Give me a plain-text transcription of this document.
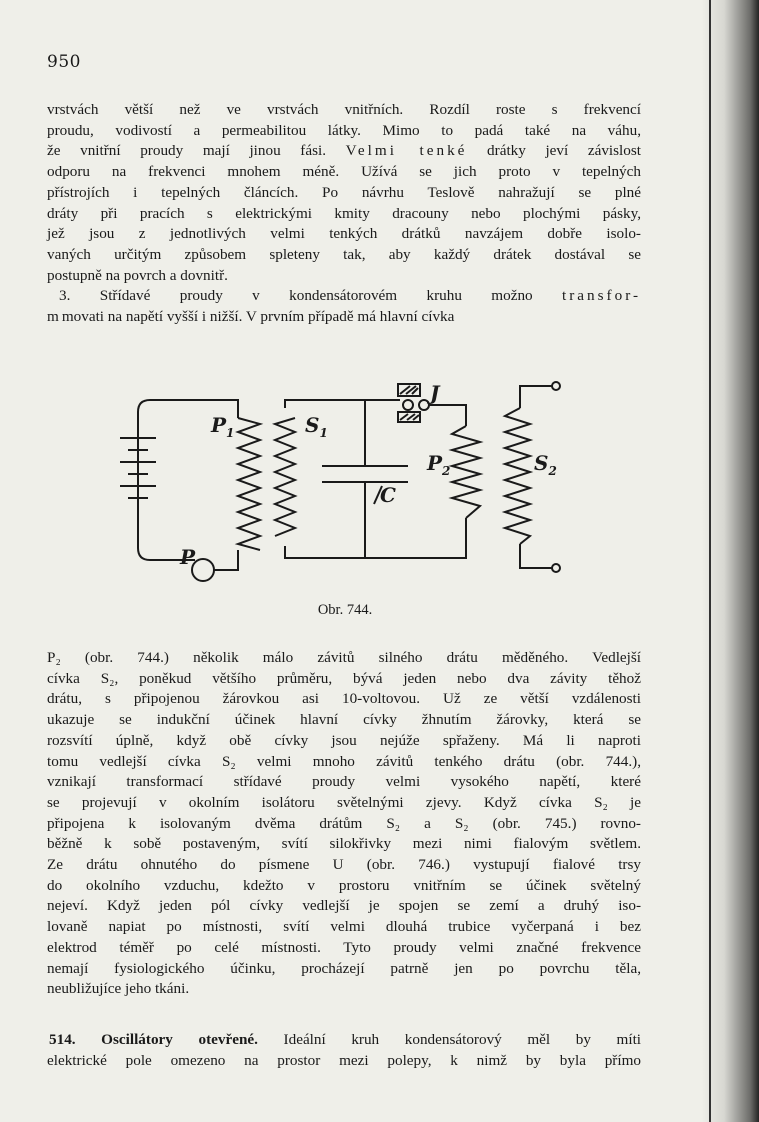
950
vrstvách větší než ve vrstvách vnitřních. Rozdíl roste s frekvencí
proudu, vodivostí a permeabilitou látky. Mimo to padá také na váhu,
že vnitřní proudy mají jinou fási. Velmi tenké drátky jeví závislost
odporu na frekvenci mnohem méně. Užívá se jich proto v tepelných
přístrojích i tepelných článcích. Po návrhu Teslově nahražují se plné
dráty při pracích s elektrickými kmity dracouny nebo plochými pásky,
jež jsou z jednotlivých velmi tenkých drátků navzájem dobře isolo-
vaných určitým způsobem spleteny tak, aby každý drátek dostával se
postupně na povrch a dovnitř.
3. Střídavé proudy v kondensátorovém kruhu možno transfor-
mmovati na napětí vyšší i nižší. V prvním případě má hlavní cívka
$P_1$	$S_1$
$P_2$	$S_2$
C
J
P
Obr. 744.
P₂ (obr. 744.) několik málo závitů silného drátu měděného. Vedlejší
cívka S₂, poněkud většího průměru, bývá jeden nebo dva závity těhož
drátu, s připojenou žárovkou asi 10-voltovou. Už ze větší vzdálenosti
ukazuje se indukční účinek hlavní cívky žhnutím žárovky, která se
rozsvítí úplně, když obě cívky jsou nejúže spřaženy. Má li naproti
tomu vedlejší cívka S₂ velmi mnoho závitů tenkého drátu (obr. 744.),
vznikají transformací střídavé proudy velmi vysokého napětí, které
se projevují v okolním isolátoru světelnými zjevy. Když cívka S₂ je
připojena k isolovaným dvěma drátům S₂ a S₂ (obr. 745.) rovno-
běžně k sobě postaveným, svítí silokřivky mezi nimi fialovým světlem.
Ze drátu ohnutého do písmene U (obr. 746.) vystupují fialové trsy
do okolního vzduchu, kdežto v prostoru vnitřním se účinek světelný
nejeví. Když jeden pól cívky vedlejší je spojen se zemí a druhý iso-
lovaně napiat po místnosti, svítí velmi dlouhá trubice vyčerpaná i bez
elektrod téměř po celé místnosti. Tyto proudy velmi značné frekvence
nemají fysiologického účinku, procházejí patrně jen po povrchu těla,
neubližujíce jeho tkáni.
514. Oscillátory otevřené. Ideální kruh kondensátorový měl by míti
elektrické pole omezeno na prostor mezi polepy, k nimž by byla přímo
